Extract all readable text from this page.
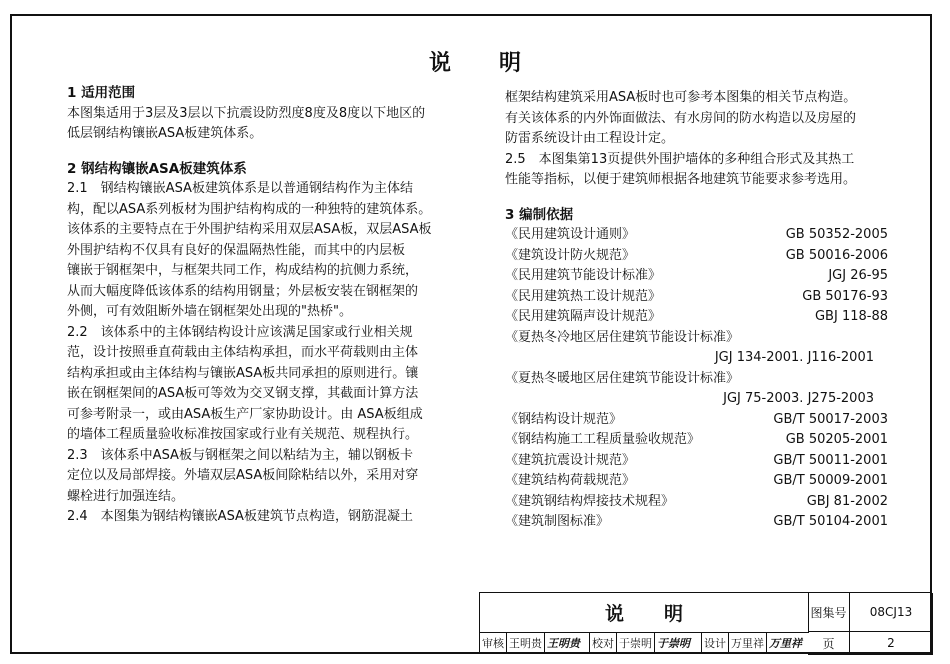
说 明

1 适用范围

本图集适用于3层及3层以下抗震设防烈度8度及8度以下地区的

低层钢结构镶嵌ASA板建筑体系。

2 钢结构镶嵌ASA板建筑体系

2.1　钢结构镶嵌ASA板建筑体系是以普通钢结构作为主体结

构，配以ASA系列板材为围护结构构成的一种独特的建筑体系。

该体系的主要特点在于外围护结构采用双层ASA板，双层ASA板

外围护结构不仅具有良好的保温隔热性能，而其中的内层板

镶嵌于钢框架中，与框架共同工作，构成结构的抗侧力系统，

从而大幅度降低该体系的结构用钢量；外层板安装在钢框架的

外侧，可有效阻断外墙在钢框架处出现的"热桥"。

2.2　该体系中的主体钢结构设计应该满足国家或行业相关规

范，设计按照垂直荷载由主体结构承担，而水平荷载则由主体

结构承担或由主体结构与镶嵌ASA板共同承担的原则进行。镶

嵌在钢框架间的ASA板可等效为交叉钢支撑，其截面计算方法

可参考附录一，或由ASA板生产厂家协助设计。由 ASA板组成

的墙体工程质量验收标准按国家或行业有关规范、规程执行。

2.3　该体系中ASA板与钢框架之间以粘结为主，辅以钢板卡

定位以及局部焊接。外墙双层ASA板间除粘结以外，采用对穿

螺栓进行加强连结。

2.4　本图集为钢结构镶嵌ASA板建筑节点构造，钢筋混凝土

框架结构建筑采用ASA板时也可参考本图集的相关节点构造。

有关该体系的内外饰面做法、有水房间的防水构造以及房屋的

防雷系统设计由工程设计定。

2.5　本图集第13页提供外围护墙体的多种组合形式及其热工

性能等指标，以便于建筑师根据各地建筑节能要求参考选用。

3 编制依据

《民用建筑设计通则》	GB 50352-2005
《建筑设计防火规范》	GB 50016-2006
《民用建筑节能设计标准》	JGJ 26-95
《民用建筑热工设计规范》	GB 50176-93
《民用建筑隔声设计规范》	GBJ 118-88
《夏热冬冷地区居住建筑节能设计标准》
JGJ 134-2001. J116-2001
《夏热冬暖地区居住建筑节能设计标准》
JGJ 75-2003. J275-2003
《钢结构设计规范》	GB/T 50017-2003
《钢结构施工工程质量验收规范》	GB 50205-2001
《建筑抗震设计规范》	GB/T 50011-2001
《建筑结构荷载规范》	GB/T 50009-2001
《建筑钢结构焊接技术规程》	GBJ 81-2002
《建筑制图标准》	GB/T 50104-2001
说 明	图集号	08CJ13
页	2
审核 王明贵 王明贵	校对 于崇明 于崇明	设计 万里祥 万里祥
